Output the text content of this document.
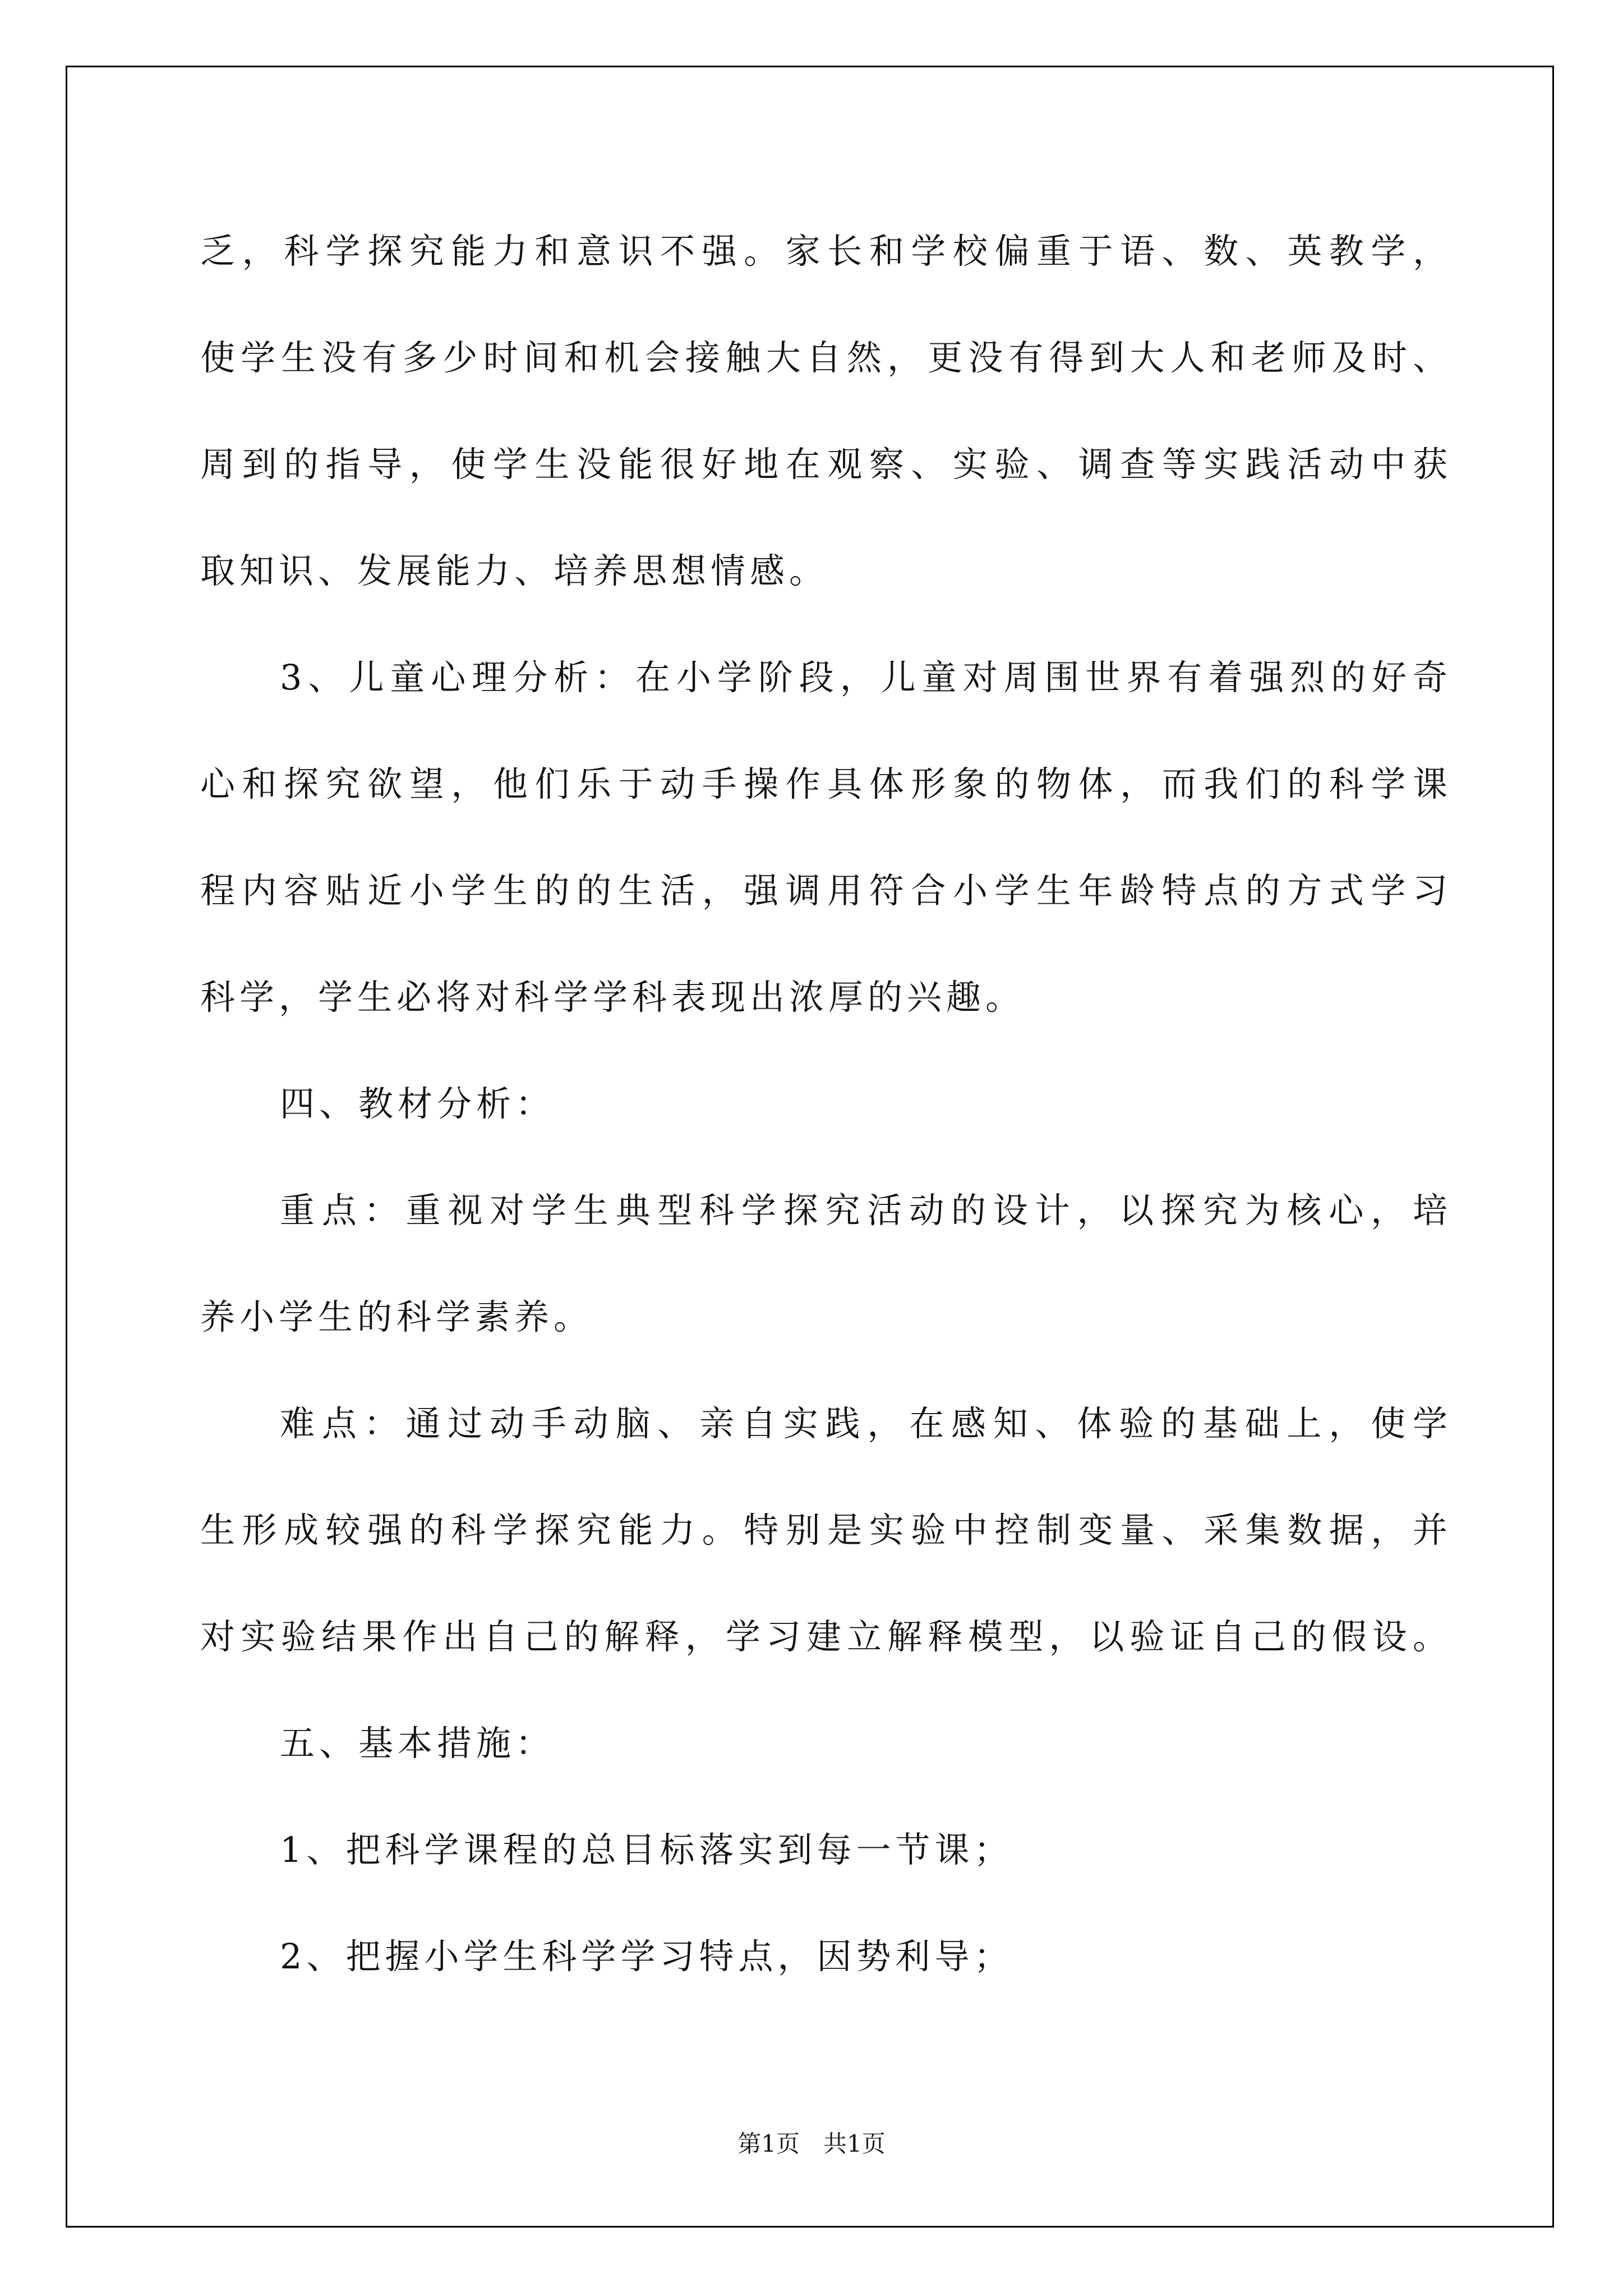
乏，科学探究能力和意识不强。家长和学校偏重于语、数、英教学，
使学生没有多少时间和机会接触大自然，更没有得到大人和老师及时、
周到的指导，使学生没能很好地在观察、实验、调查等实践活动中获
取知识、发展能力、培养思想情感。
3、儿童心理分析：在小学阶段，儿童对周围世界有着强烈的好奇
心和探究欲望，他们乐于动手操作具体形象的物体，而我们的科学课
程内容贴近小学生的的生活，强调用符合小学生年龄特点的方式学习
科学，学生必将对科学学科表现出浓厚的兴趣。
四、教材分析：
重点：重视对学生典型科学探究活动的设计，以探究为核心，培
养小学生的科学素养。
难点：通过动手动脑、亲自实践，在感知、体验的基础上，使学
生形成较强的科学探究能力。特别是实验中控制变量、采集数据，并
对实验结果作出自己的解释，学习建立解释模型，以验证自己的假设。
五、基本措施：
1、把科学课程的总目标落实到每一节课；
2、把握小学生科学学习特点，因势利导；
第1页 共1页
